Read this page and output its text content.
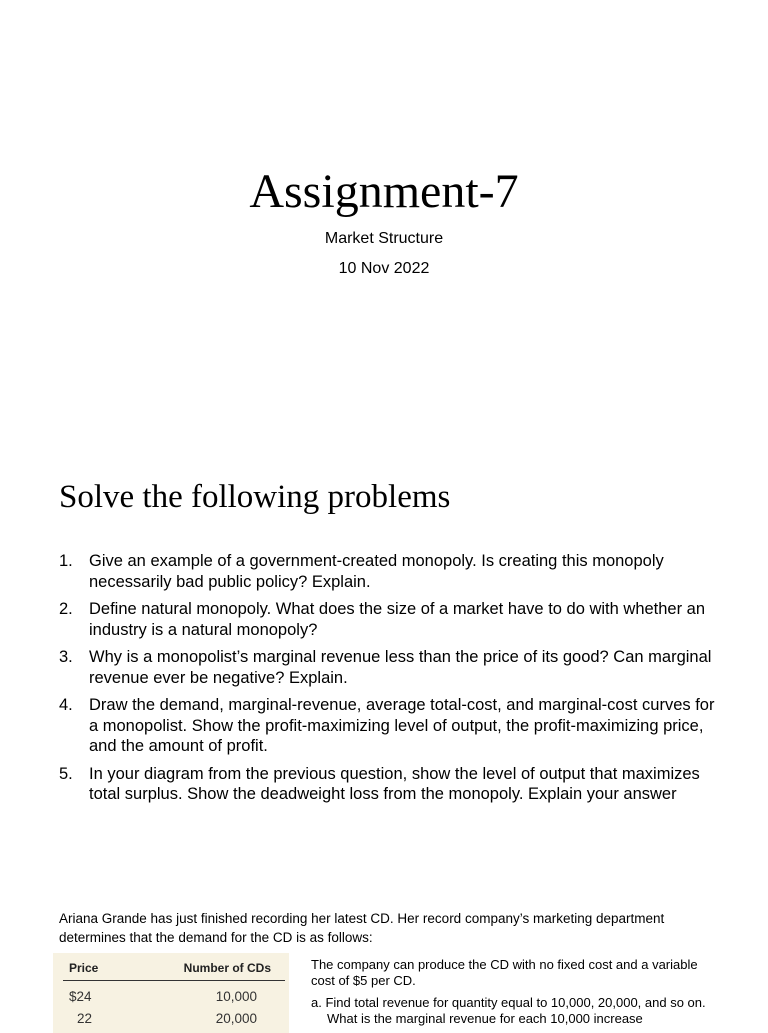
Assignment-7
Market Structure
10 Nov 2022
Solve the following problems
1. Give an example of a government-created monopoly. Is creating this monopoly necessarily bad public policy? Explain.
2. Define natural monopoly. What does the size of a market have to do with whether an industry is a natural monopoly?
3. Why is a monopolist’s marginal revenue less than the price of its good? Can marginal revenue ever be negative? Explain.
4. Draw the demand, marginal-revenue, average total-cost, and marginal-cost curves for a monopolist. Show the profit-maximizing level of output, the profit-maximizing price, and the amount of profit.
5. In your diagram from the previous question, show the level of output that maximizes total surplus. Show the deadweight loss from the monopoly. Explain your answer
Ariana Grande has just finished recording her latest CD. Her record company’s marketing department determines that the demand for the CD is as follows:
Price	Number of CDs
$24	10,000
22	20,000

The company can produce the CD with no fixed cost and a variable cost of $5 per CD.

a. Find total revenue for quantity equal to 10,000, 20,000, and so on. What is the marginal revenue for each 10,000 increase
